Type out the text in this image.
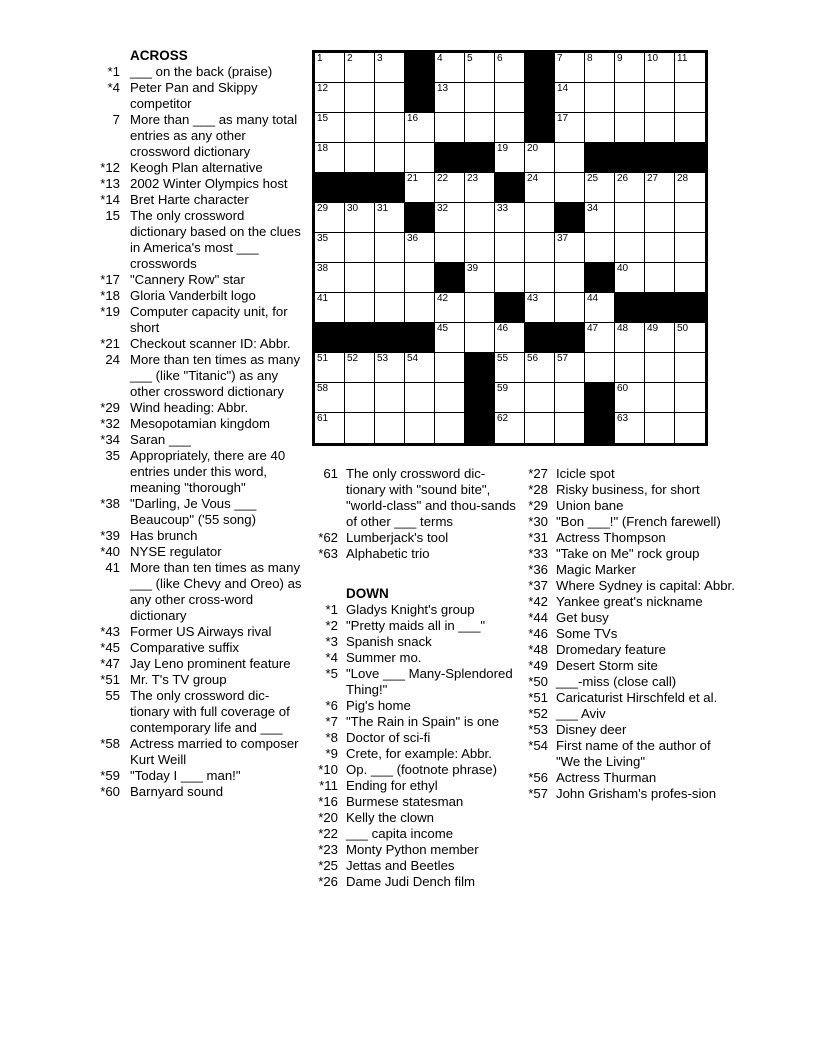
ACROSS
*1 ___ on the back (praise)
*4 Peter Pan and Skippy competitor
7 More than ___ as many total entries as any other crossword dictionary
*12 Keogh Plan alternative
*13 2002 Winter Olympics host
*14 Bret Harte character
15 The only crossword dictionary based on the clues in America's most ___ crosswords
*17 "Cannery Row" star
*18 Gloria Vanderbilt logo
*19 Computer capacity unit, for short
*21 Checkout scanner ID: Abbr.
24 More than ten times as many ___ (like "Titanic") as any other crossword dictionary
*29 Wind heading: Abbr.
*32 Mesopotamian kingdom
*34 Saran ___
35 Appropriately, there are 40 entries under this word, meaning "thorough"
*38 "Darling, Je Vous ___ Beaucoup" ('55 song)
*39 Has brunch
*40 NYSE regulator
41 More than ten times as many ___ (like Chevy and Oreo) as any other cross-word dictionary
*43 Former US Airways rival
*45 Comparative suffix
*47 Jay Leno prominent feature
*51 Mr. T's TV group
55 The only crossword dic-tionary with full coverage of contemporary life and ___
*58 Actress married to composer Kurt Weill
*59 "Today I ___ man!"
*60 Barnyard sound
1 2 3	4 5 6	7 8 9 10 11
12	13	14
15	16	17
18	19 20
21 22 23	24	25 26 27 28
29 30 31	32	33	34
35	36	37
38	39	40
41	42	43	44
45	46	47 48 49 50
51 52 53 54	55 56 57
58	59	60
61	62	63
61 The only crossword dic-tionary with "sound bite", "world-class" and thou-sands of other ___ terms
*62 Lumberjack's tool
*63 Alphabetic trio
DOWN
*1 Gladys Knight's group
*2 "Pretty maids all in ___"
*3 Spanish snack
*4 Summer mo.
*5 "Love ___ Many-Splendored Thing!"
*6 Pig's home
*7 "The Rain in Spain" is one
*8 Doctor of sci-fi
*9 Crete, for example: Abbr.
*10 Op. ___ (footnote phrase)
*11 Ending for ethyl
*16 Burmese statesman
*20 Kelly the clown
*22 ___ capita income
*23 Monty Python member
*25 Jettas and Beetles
*26 Dame Judi Dench film
*27 Icicle spot
*28 Risky business, for short
*29 Union bane
*30 "Bon ___!" (French farewell)
*31 Actress Thompson
*33 "Take on Me" rock group
*36 Magic Marker
*37 Where Sydney is capital: Abbr.
*42 Yankee great's nickname
*44 Get busy
*46 Some TVs
*48 Dromedary feature
*49 Desert Storm site
*50 ___-miss (close call)
*51 Caricaturist Hirschfeld et al.
*52 ___ Aviv
*53 Disney deer
*54 First name of the author of "We the Living"
*56 Actress Thurman
*57 John Grisham's profes-sion
